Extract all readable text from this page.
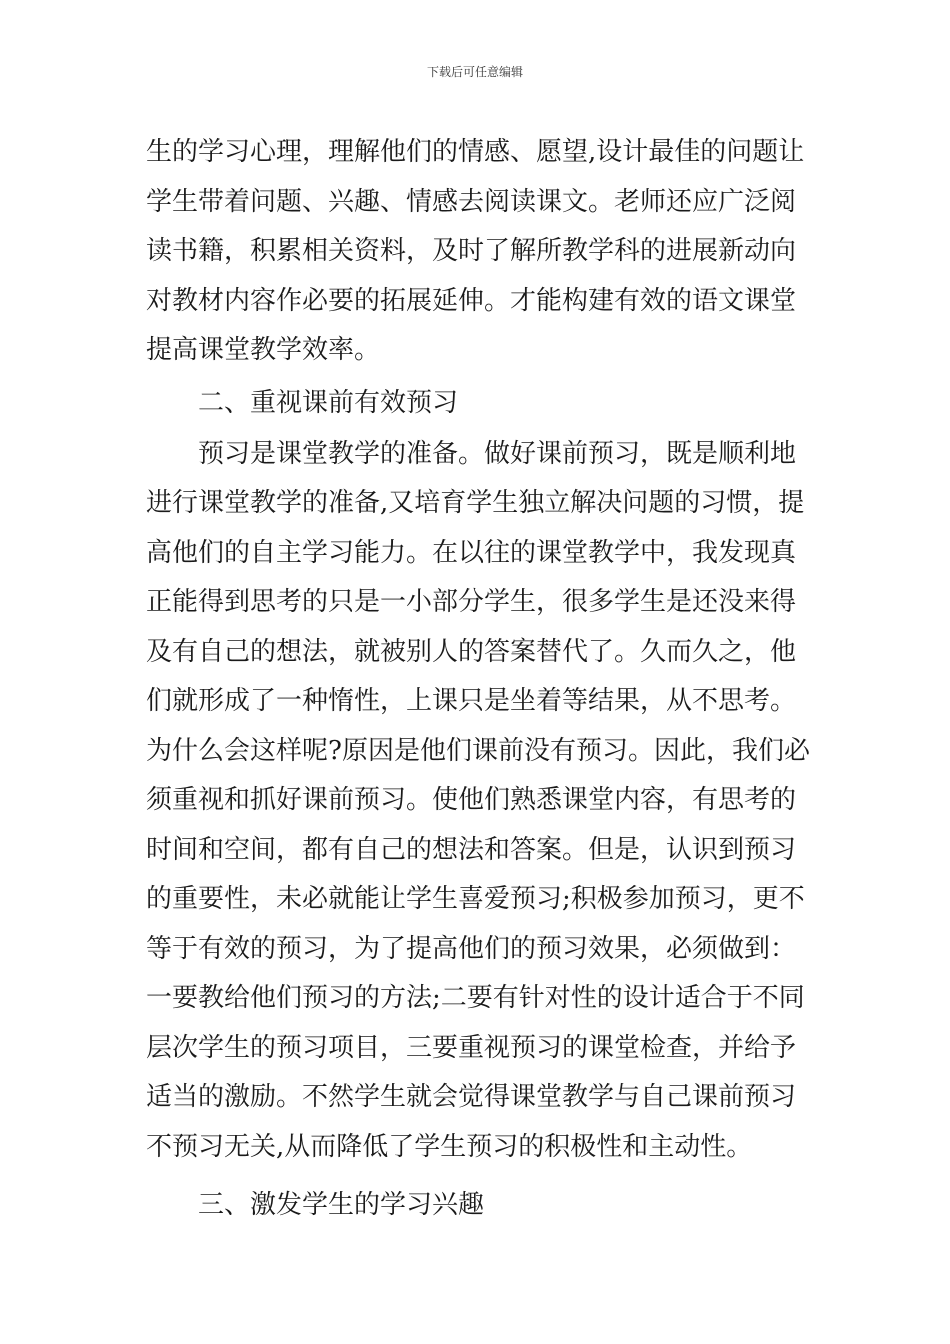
下载后可任意编辑
生的学习心理，理解他们的情感、愿望,设计最佳的问题让
学生带着问题、兴趣、情感去阅读课文。老师还应广泛阅
读书籍，积累相关资料，及时了解所教学科的进展新动向
对教材内容作必要的拓展延伸。才能构建有效的语文课堂
提高课堂教学效率。
二、重视课前有效预习
预习是课堂教学的准备。做好课前预习，既是顺利地
进行课堂教学的准备,又培育学生独立解决问题的习惯，提
高他们的自主学习能力。在以往的课堂教学中，我发现真
正能得到思考的只是一小部分学生，很多学生是还没来得
及有自己的想法，就被别人的答案替代了。久而久之，他
们就形成了一种惰性，上课只是坐着等结果，从不思考。
为什么会这样呢?原因是他们课前没有预习。因此，我们必
须重视和抓好课前预习。使他们熟悉课堂内容，有思考的
时间和空间，都有自己的想法和答案。但是，认识到预习
的重要性，未必就能让学生喜爱预习;积极参加预习，更不
等于有效的预习，为了提高他们的预习效果，必须做到：
一要教给他们预习的方法;二要有针对性的设计适合于不同
层次学生的预习项目，三要重视预习的课堂检查，并给予
适当的激励。不然学生就会觉得课堂教学与自己课前预习
不预习无关,从而降低了学生预习的积极性和主动性。
三、激发学生的学习兴趣
